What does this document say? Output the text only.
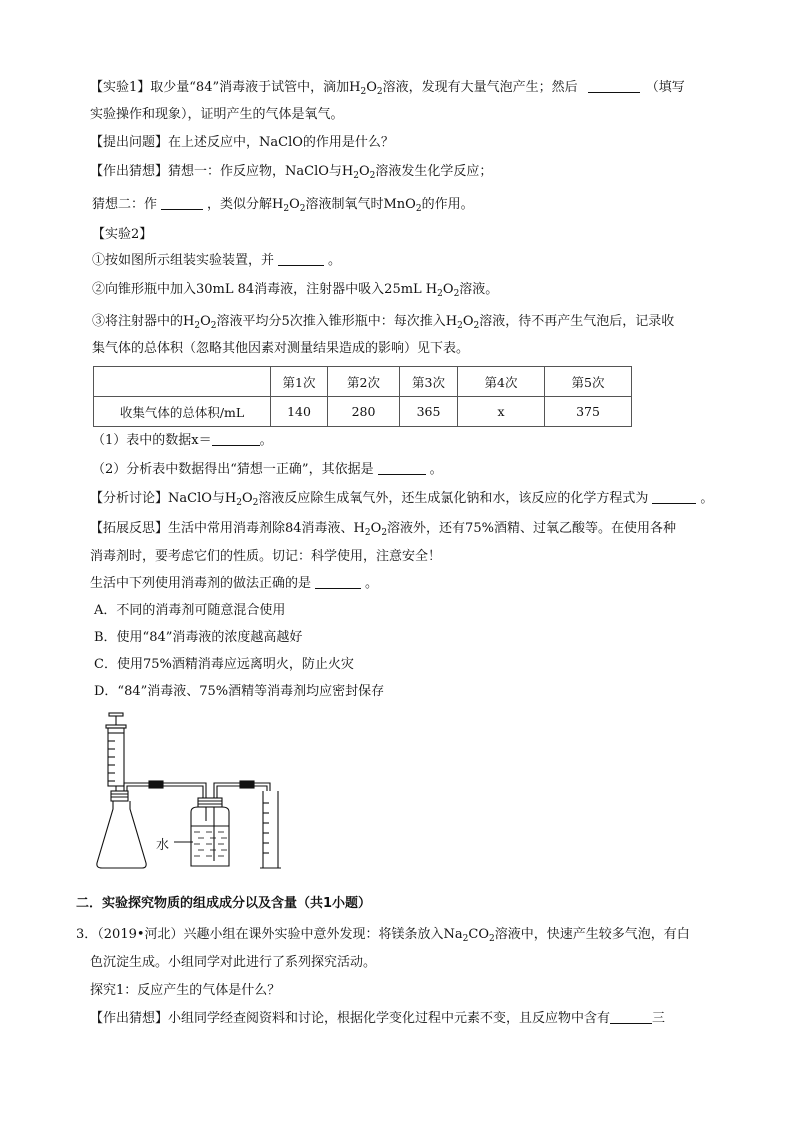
【实验1】取少量“84”消毒液于试管中，滴加$H_2O_2$溶液，发现有大量气泡产生；然后	（填写
实验操作和现象），证明产生的气体是氧气。
【提出问题】在上述反应中，NaClO的作用是什么？
【作出猜想】猜想一：作反应物，NaClO与$H_2O_2$溶液发生化学反应；
猜想二：作	，类似分解$H_2O_2$溶液制氧气时MnO$_2$的作用。
【实验2】
①按如图所示组装实验装置，并	。
②向锥形瓶中加入30mL 84消毒液，注射器中吸入25mL $H_2O_2$溶液。
③将注射器中的$H_2O_2$溶液平均分5次推入锥形瓶中：每次推入$H_2O_2$溶液，待不再产生气泡后，记录收
集气体的总体积（忽略其他因素对测量结果造成的影响）见下表。
	第1次	第2次	第3次	第4次	第5次
收集气体的总体积/mL	140	280	365	x	375
（1）表中的数据x＝	。
（2）分析表中数据得出“猜想一正确”，其依据是	。
【分析讨论】NaClO与$H_2O_2$溶液反应除生成氧气外，还生成氯化钠和水，该反应的化学方程式为	。
【拓展反思】生活中常用消毒剂除84消毒液、$H_2O_2$溶液外，还有75%酒精、过氧乙酸等。在使用各种
消毒剂时，要考虑它们的性质。切记：科学使用，注意安全！
生活中下列使用消毒剂的做法正确的是	。
A．不同的消毒剂可随意混合使用
B．使用“84”消毒液的浓度越高越好
C．使用75%酒精消毒应远离明火，防止火灾
D．“84”消毒液、75%酒精等消毒剂均应密封保存
水
二．实验探究物质的组成成分以及含量（共1小题）
3．（2019•河北）兴趣小组在课外实验中意外发现：将镁条放入$Na_2CO_2$溶液中，快速产生较多气泡，有白
色沉淀生成。小组同学对此进行了系列探究活动。
探究1：反应产生的气体是什么？
【作出猜想】小组同学经查阅资料和讨论，根据化学变化过程中元素不变，且反应物中含有	三
